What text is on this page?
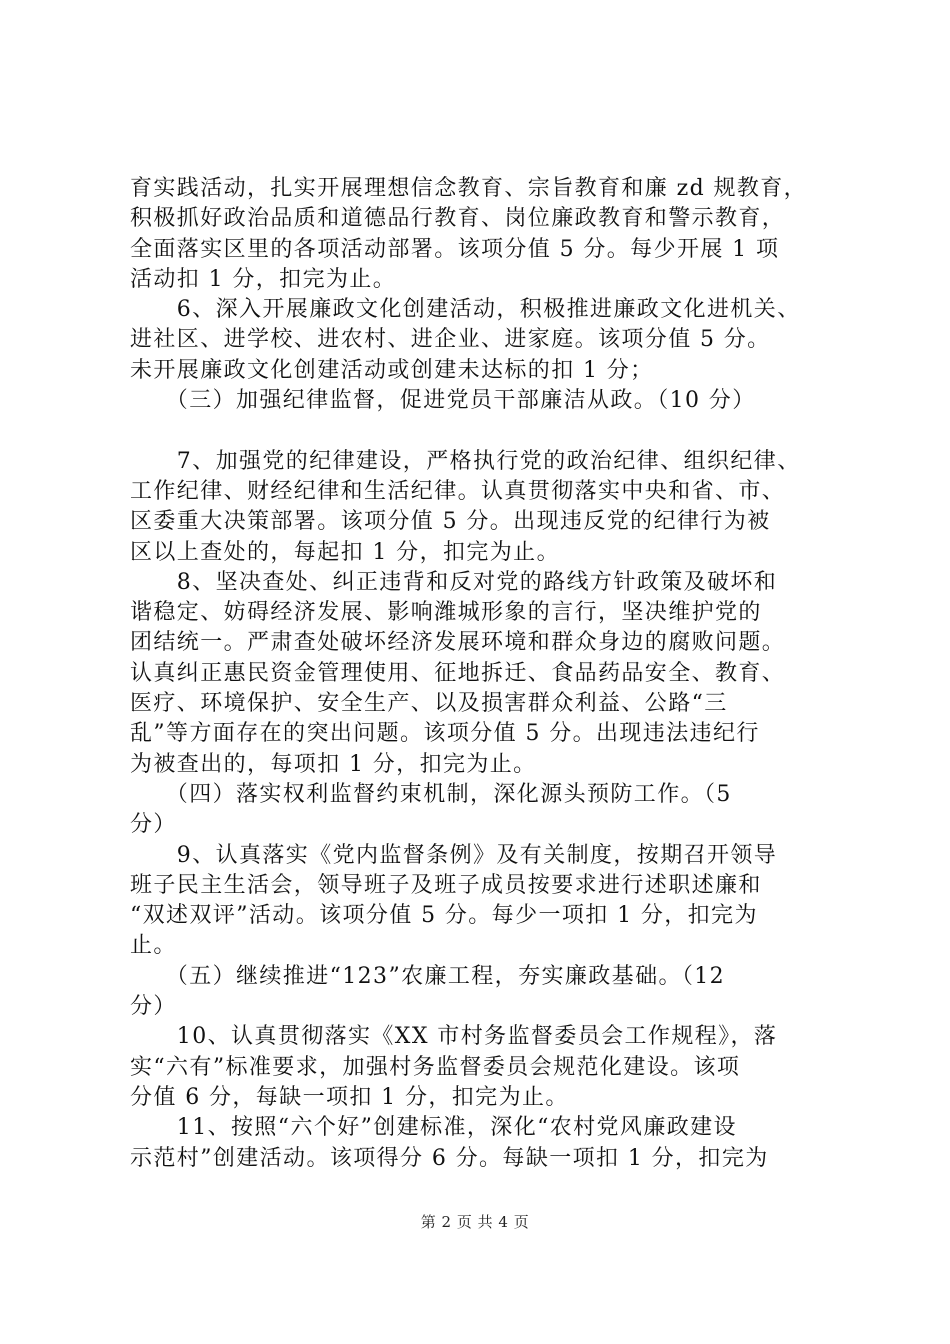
育实践活动，扎实开展理想信念教育、宗旨教育和廉 zd 规教育，
积极抓好政治品质和道德品行教育、岗位廉政教育和警示教育，
全面落实区里的各项活动部署。该项分值 5 分。每少开展 1 项
活动扣 1 分，扣完为止。
　　6、深入开展廉政文化创建活动，积极推进廉政文化进机关、
进社区、进学校、进农村、进企业、进家庭。该项分值 5 分。
未开展廉政文化创建活动或创建未达标的扣 1 分；
　　（三）加强纪律监督，促进党员干部廉洁从政。（10 分）
　　7、加强党的纪律建设，严格执行党的政治纪律、组织纪律、
工作纪律、财经纪律和生活纪律。认真贯彻落实中央和省、市、
区委重大决策部署。该项分值 5 分。出现违反党的纪律行为被
区以上查处的，每起扣 1 分，扣完为止。
　　8、坚决查处、纠正违背和反对党的路线方针政策及破坏和
谐稳定、妨碍经济发展、影响潍城形象的言行，坚决维护党的
团结统一。严肃查处破坏经济发展环境和群众身边的腐败问题。
认真纠正惠民资金管理使用、征地拆迁、食品药品安全、教育、
医疗、环境保护、安全生产、以及损害群众利益、公路“三
乱”等方面存在的突出问题。该项分值 5 分。出现违法违纪行
为被查出的，每项扣 1 分，扣完为止。
　　（四）落实权利监督约束机制，深化源头预防工作。（5
分）
　　9、认真落实《党内监督条例》及有关制度，按期召开领导
班子民主生活会，领导班子及班子成员按要求进行述职述廉和
“双述双评”活动。该项分值 5 分。每少一项扣 1 分，扣完为
止。
　　（五）继续推进“123”农廉工程，夯实廉政基础。（12
分）
　　10、认真贯彻落实《XX 市村务监督委员会工作规程》，落
实“六有”标准要求，加强村务监督委员会规范化建设。该项
分值 6 分，每缺一项扣 1 分，扣完为止。
　　11、按照“六个好”创建标准，深化“农村党风廉政建设
示范村”创建活动。该项得分 6 分。每缺一项扣 1 分，扣完为
第 2 页 共 4 页
